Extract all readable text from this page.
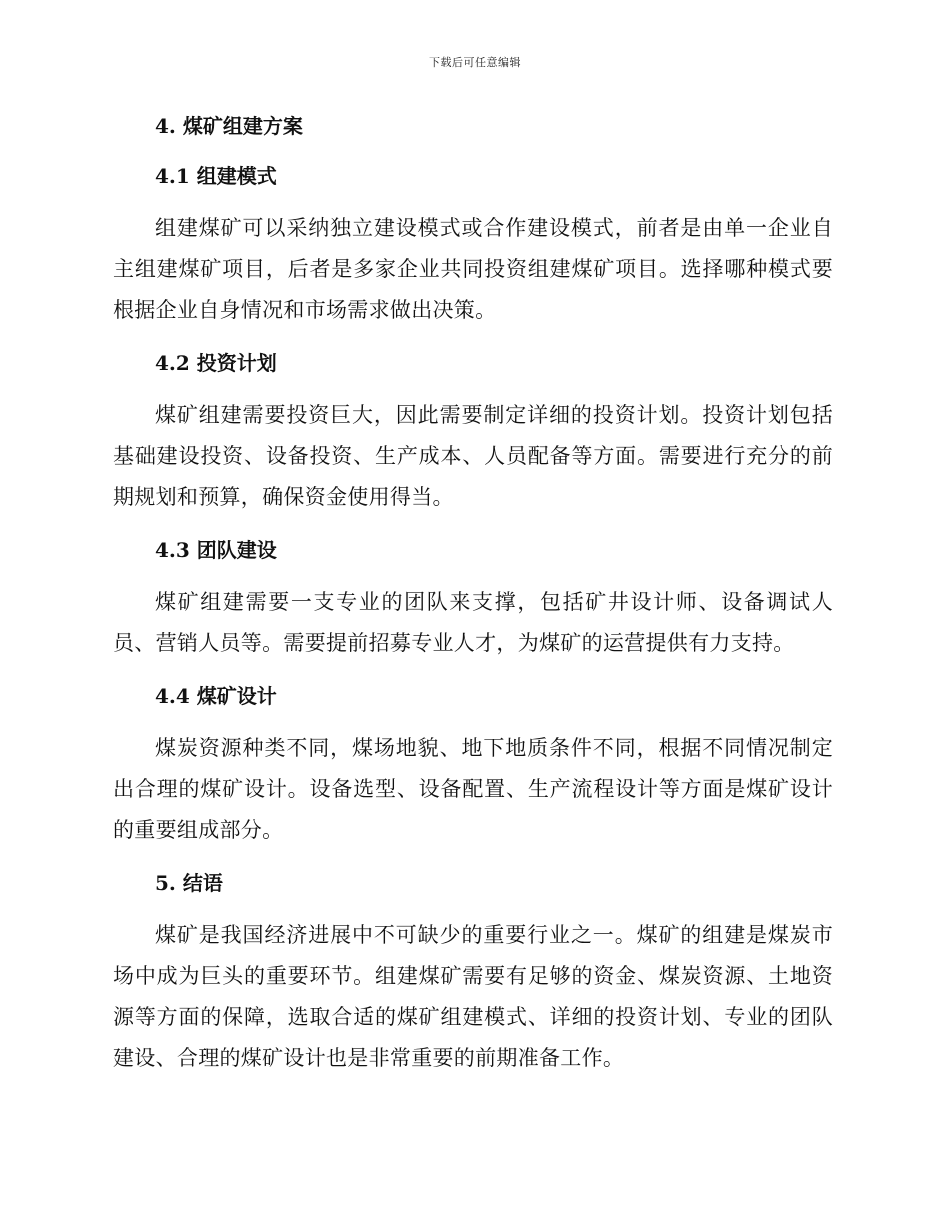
下载后可任意编辑
4. 煤矿组建方案
4.1 组建模式

组建煤矿可以采纳独立建设模式或合作建设模式，前者是由单一企业自主组建煤矿项目，后者是多家企业共同投资组建煤矿项目。选择哪种模式要根据企业自身情况和市场需求做出决策。

4.2 投资计划

煤矿组建需要投资巨大，因此需要制定详细的投资计划。投资计划包括基础建设投资、设备投资、生产成本、人员配备等方面。需要进行充分的前期规划和预算，确保资金使用得当。

4.3 团队建设

煤矿组建需要一支专业的团队来支撑，包括矿井设计师、设备调试人员、营销人员等。需要提前招募专业人才，为煤矿的运营提供有力支持。

4.4 煤矿设计

煤炭资源种类不同，煤场地貌、地下地质条件不同，根据不同情况制定出合理的煤矿设计。设备选型、设备配置、生产流程设计等方面是煤矿设计的重要组成部分。

5. 结语

煤矿是我国经济进展中不可缺少的重要行业之一。煤矿的组建是煤炭市场中成为巨头的重要环节。组建煤矿需要有足够的资金、煤炭资源、土地资源等方面的保障，选取合适的煤矿组建模式、详细的投资计划、专业的团队建设、合理的煤矿设计也是非常重要的前期准备工作。
